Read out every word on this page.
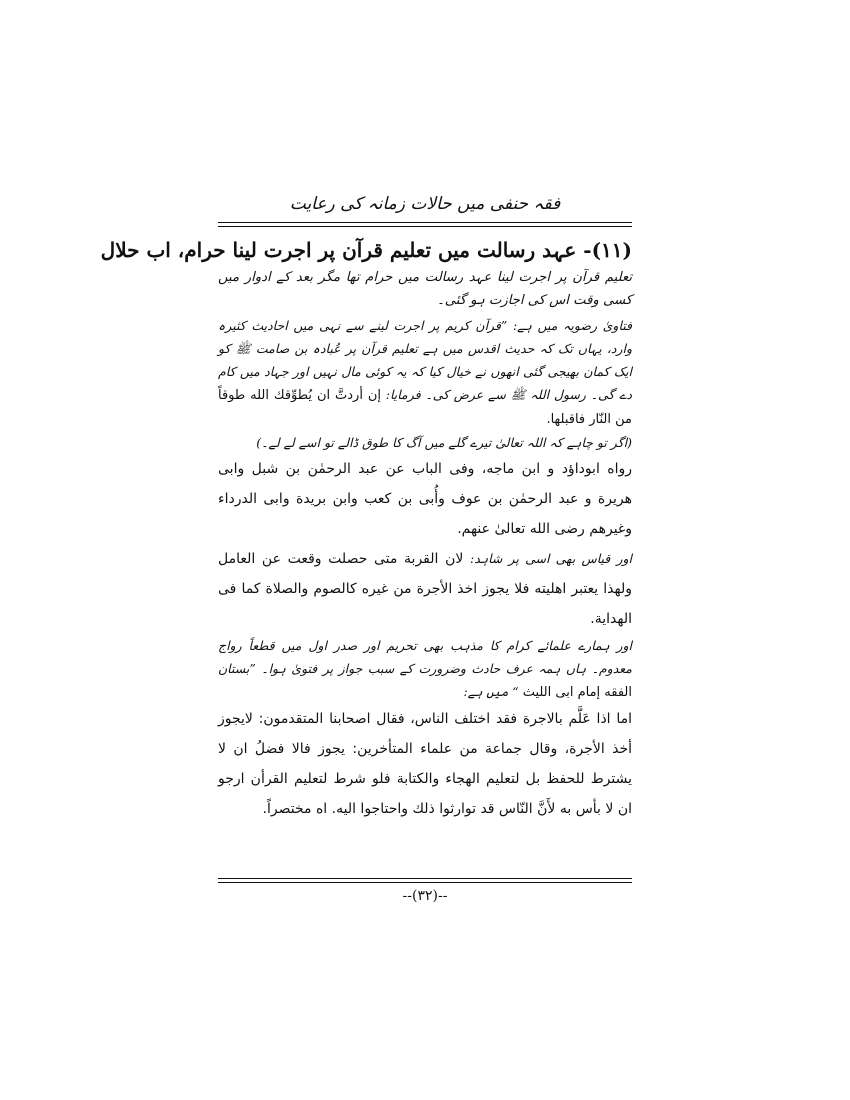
فقہ حنفی میں حالات زمانہ کی رعایت
(۱۱)- عہد رسالت میں تعلیم قرآن پر اجرت لینا حرام، اب حلال

تعلیم قرآن پر اجرت لینا عہد رسالت میں حرام تھا مگر بعد کے ادوار میں کسی وقت اس کی اجازت ہو گئی۔

فتاویٰ رضویہ میں ہے: ”قرآن کریم پر اجرت لینے سے نہی میں احادیث کثیرہ وارد، یہاں تک کہ حدیث اقدس میں ہے تعلیم قرآن پر عُبادہ بن صامت ﷺ کو ایک کمان بھیجی گئی انھوں نے خیال کیا کہ یہ کوئی مال نہیں اور جہاد میں کام دے گی۔ رسول اللہ ﷺ سے عرض کی۔ فرمایا: إن أردتَّ ان يُطوِّقك الله طوقاً من النّار فاقبلها.

(اگر تو چاہے کہ اللہ تعالیٰ تیرے گلے میں آگ کا طوق ڈالے تو اسے لے لے۔)

رواه ابوداؤد و ابن ماجه، وفى الباب عن عبد الرحمٰن بن شبل وابى هريرة و عبد الرحمٰن بن عوف وأُبى بن كعب وابن بريدة وابى الدرداء وغيرهم رضى الله تعالىٰ عنهم.

اور قیاس بھی اسی پر شاہد: لان القربة متى حصلت وقعت عن العامل ولهذا يعتبر اهليته فلا يجوز اخذ الأجرة من غيره كالصوم والصلاة كما فى الهداية.

اور ہمارے علمائے کرام کا مذہب بھی تحریم اور صدر اول میں قطعاً رواج معدوم۔ ہاں ہمہ عرف حادث وضرورت کے سبب جواز پر فتویٰ ہوا۔ ”بستان الفقه إمام ابى الليث “ میں ہے:

اما اذا عَلَّم بالاجرة فقد اختلف الناس، فقال اصحابنا المتقدمون: لايجوز أخذ الأجرة، وقال جماعة من علماء المتأخرين: يجوز فالا فضلُ ان لا يشترط للحفظ بل لتعليم الهجاء والكتابة فلو شرط لتعليم القرأن ارجو ان لا بأس به لأَنَّ النّاس قد توارثوا ذلك واحتاجوا اليه. اه مختصراً.

--(۳۲)--
